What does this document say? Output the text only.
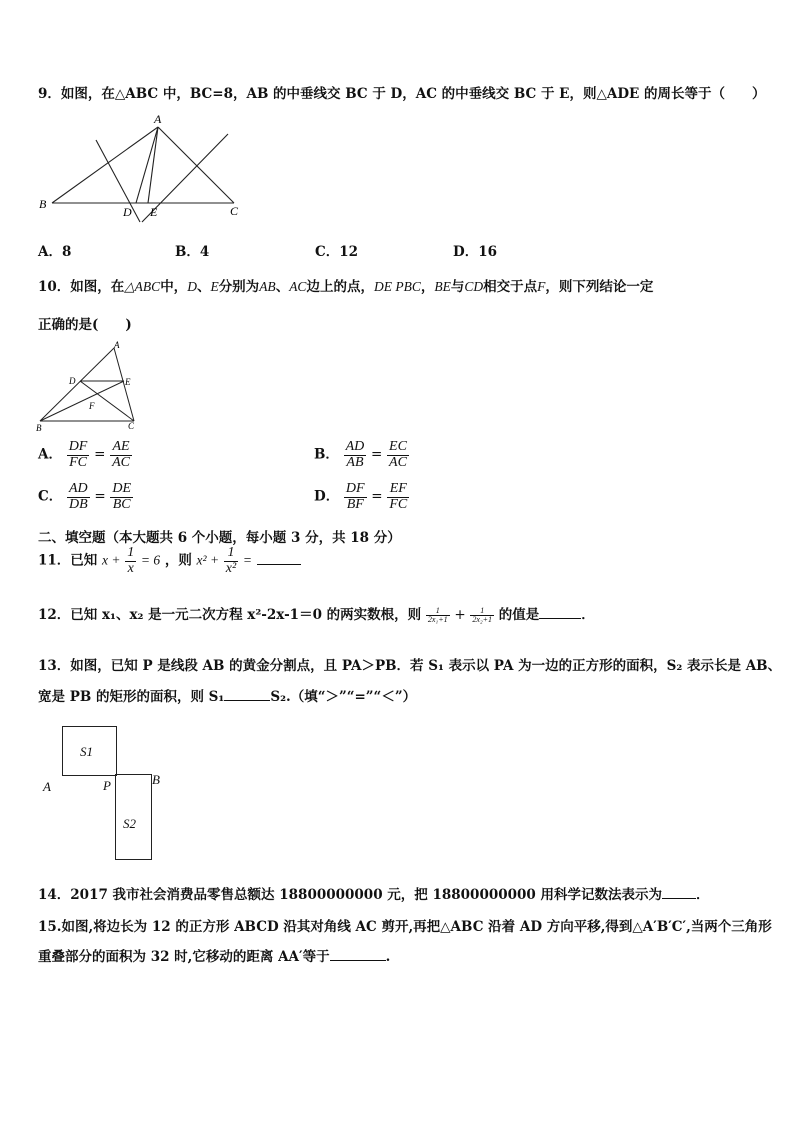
9．如图，在△ABC 中，BC=8，AB 的中垂线交 BC 于 D，AC 的中垂线交 BC 于 E，则△ADE 的周长等于（　　）
A
B	C
D E
A．8	B．4	C．12	D．16
10．如图，在△ABC中，D、E分别为AB、AC边上的点，DE PBC，BE与CD相交于点F，则下列结论一定
正确的是(　　)
A
B	C
D	E
F
A． $\frac{DF}{FC} = \frac{AE}{AC}$	B． $\frac{AD}{AB} = \frac{EC}{AC}$
C． $\frac{AD}{DB} = \frac{DE}{BC}$	D． $\frac{DF}{BF} = \frac{EF}{FC}$
二、填空题（本大题共 6 个小题，每小题 3 分，共 18 分）
11．已知 $x + \frac{1}{x} = 6$ ，则 $x^2 + \frac{1}{\text{x²}}$ =
12．已知 x₁、x₂ 是一元二次方程 x²-2x-1＝0 的两实数根，则 $\frac{1}{\text{2x₁+1}} + \frac{1}{\text{2x₂+1}}$ 的值是	．
13．如图，已知 P 是线段 AB 的黄金分割点，且 PA＞PB．若 S₁ 表示以 PA 为一边的正方形的面积，S₂ 表示长是 AB、
宽是 PB 的矩形的面积，则 S₁	S₂.（填“＞”“=”“＜”）
S1
S2
A	P	B
14．2017 我市社会消费品零售总额达 18800000000 元，把 18800000000 用科学记数法表示为	．
15.如图,将边长为 12 的正方形 ABCD 沿其对角线 AC 剪开,再把△ABC 沿着 AD 方向平移,得到△A′B′C′,当两个三角形
重叠部分的面积为 32 时,它移动的距离 AA′等于	.
